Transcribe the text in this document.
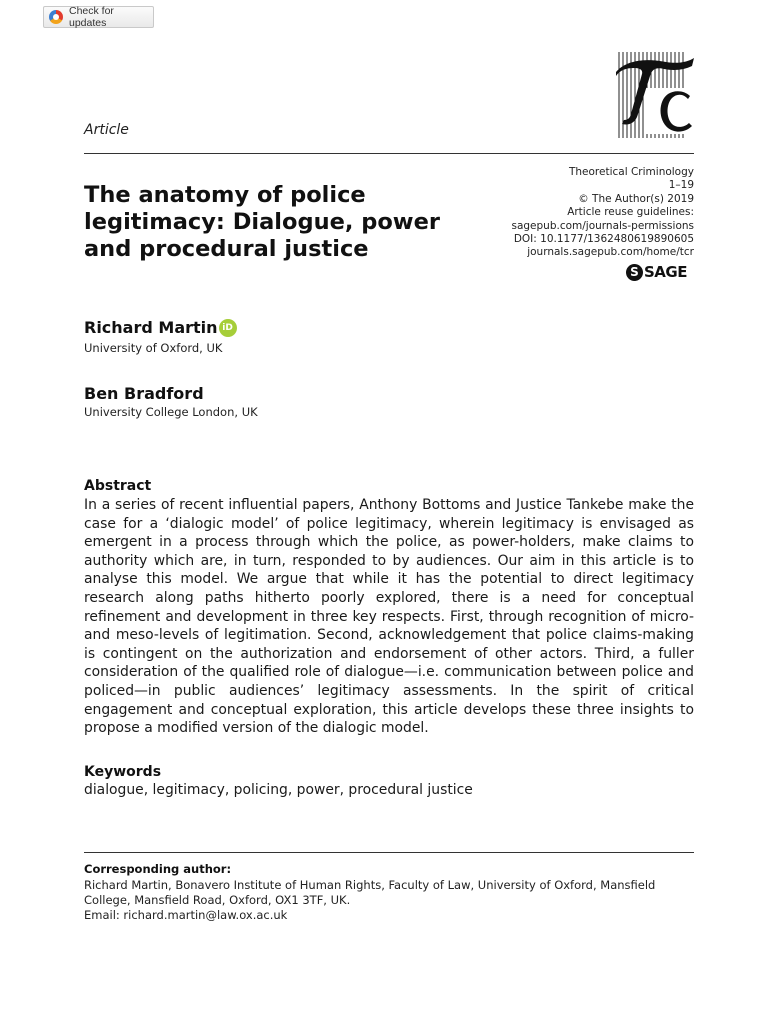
Check for updates
Article
The anatomy of police legitimacy: Dialogue, power and procedural justice
Theoretical Criminology
1–19
© The Author(s) 2019
Article reuse guidelines:
sagepub.com/journals-permissions
DOI: 10.1177/1362480619890605
journals.sagepub.com/home/tcr
S SAGE
Richard Martin iD
University of Oxford, UK
Ben Bradford
University College London, UK
Abstract
In a series of recent influential papers, Anthony Bottoms and Justice Tankebe make the case for a ‘dialogic model’ of police legitimacy, wherein legitimacy is envisaged as emergent in a process through which the police, as power-holders, make claims to authority which are, in turn, responded to by audiences. Our aim in this article is to analyse this model. We argue that while it has the potential to direct legitimacy research along paths hitherto poorly explored, there is a need for conceptual refinement and development in three key respects. First, through recognition of micro- and meso-levels of legitimation. Second, acknowledgement that police claims-making is contingent on the authorization and endorsement of other actors. Third, a fuller consideration of the qualified role of dialogue—i.e. communication between police and policed—in public audiences’ legitimacy assessments. In the spirit of critical engagement and conceptual exploration, this article develops these three insights to propose a modified version of the dialogic model.
Keywords
dialogue, legitimacy, policing, power, procedural justice
Corresponding author:
Richard Martin, Bonavero Institute of Human Rights, Faculty of Law, University of Oxford, Mansfield
College, Mansfield Road, Oxford, OX1 3TF, UK.
Email: richard.martin@law.ox.ac.uk
